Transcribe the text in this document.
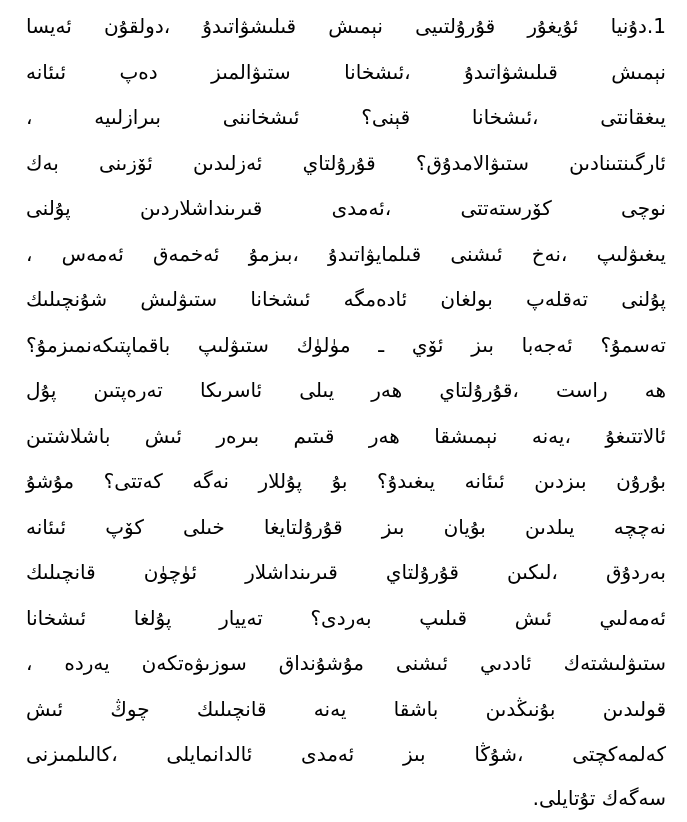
1.دۇنيا ئۇيغۇر قۇرۇلتىيى نېمىش قىلىشۋاتىدۇ ،دولقۇن ئەيسا
نېمىش قىلىشۋاتىدۇ ،ئىشخانا ستىۋالمىز دەپ ئىئانە
يىغقانتى ،ئىشخانا قېنى؟ ئىشخاننى بىرازلىيە ،
ئارگىنتىنادىن ستىۋالامدۇق؟ قۇرۇلتاي ئەزلىدىن ئۆزىنى بەك
نوچى كۆرستەتتى ،ئەمدى قىرىنداشلاردىن پۇلنى
يىغىۋلىپ ،نەخ ئىشنى قىلمايۋاتىدۇ ،بىزمۇ ئەخمەق ئەمەس ،
پۇلنى تەقلەپ بولغان ئادەمگە ئىشخانا ستىۋلىش شۇنچىلىك
تەسمۇ؟ ئەجەبا بىز ئۆي ـ مۈلۈك ستىۋلىپ باقماپتىكەنمىزمۇ؟
ھە راست ،قۇرۇلتاي ھەر يىلى ئاسرىكا تەرەپتىن پۇل
ئالاتتىغۇ ،يەنە نېمىشقا ھەر قىتىم بىرەر ئىش باشلاشتىن
بۇرۇن بىزدىن ئىئانە يىغىدۇ؟ بۇ پۇللار نەگە كەتتى؟ مۇشۇ
نەچچە يىلدىن بۇيان بىز قۇرۇلتايغا خىلى كۆپ ئىئانە
بەردۇق ،لىكىن قۇرۇلتاي قىرىنداشلار ئۈچۈن قانچىلىك
ئەمەلىي ئىش قىلىپ بەردى؟ تەييار پۇلغا ئىشخانا
ستىۋلىشتەك ئاددىي ئىشنى مۇشۇنداق سوزىۋەتكەن يەردە ،
قولىدىن بۇنىڭدىن باشقا يەنە قانچىلىك چوڭ ئىش
كەلمەكچتى ،شۇڭا بىز ئەمدى ئالدانمايلى ،كالىلمىزنى
سەگەك تۇتايلى.
